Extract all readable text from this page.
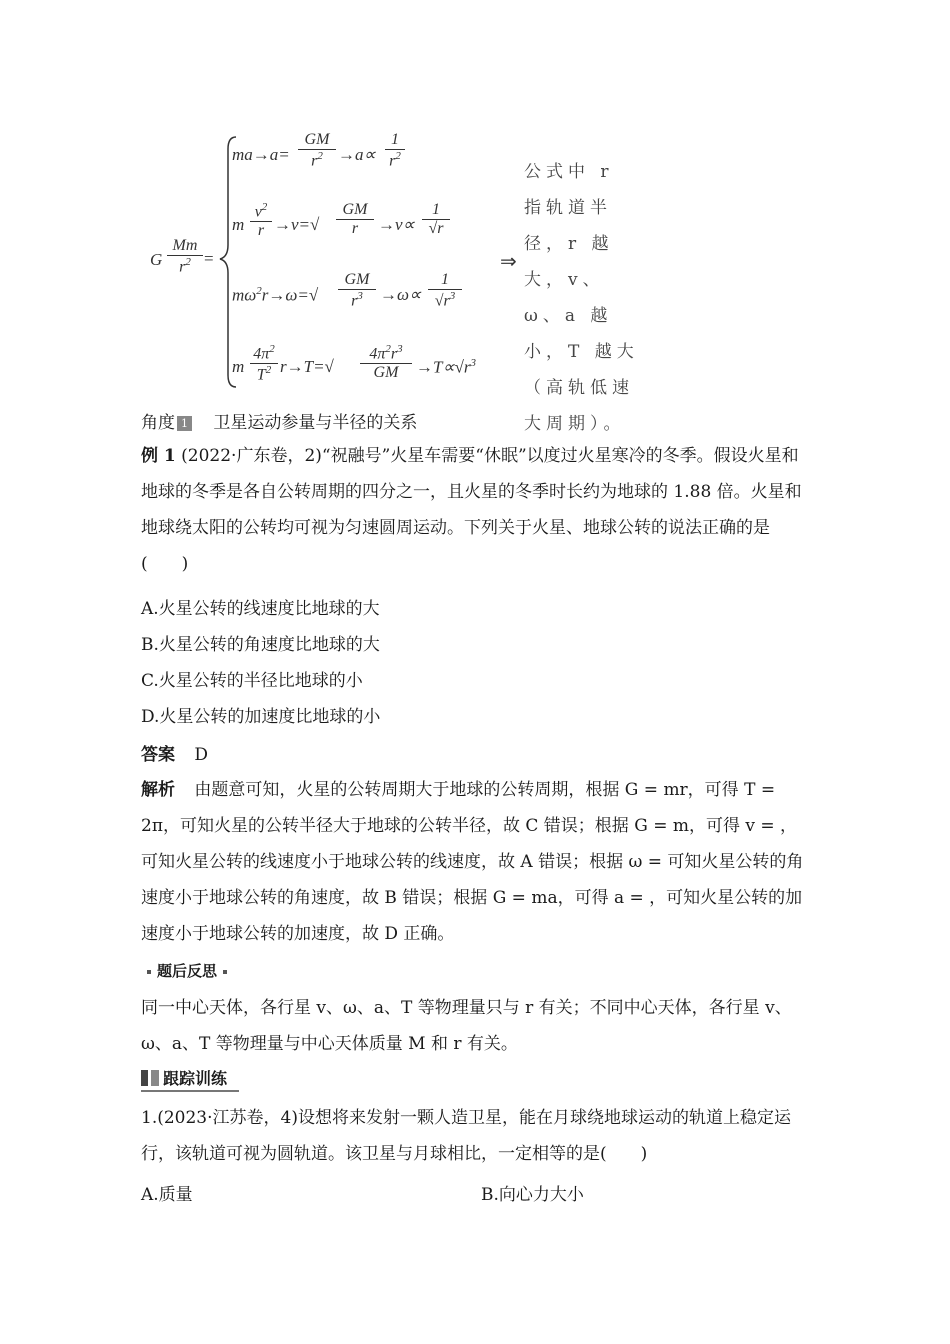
G $\frac{Mm}{r^2}$ =
$ma\to a= \frac{GM}{r^2} \to a\propto \frac{1}{r^2}$
m $\frac{v^2}{r} \to v=√ \frac{GM}{r} \to v\propto \frac{1}{√r}$
$m\omega^2r\to\omega=√ \frac{GM}{r^3} \to\omega\propto \frac{1}{√r^3}$
m $\frac{4\pi^2}{T^2} r\to T=√ \frac{4\pi^2r^3}{GM} \to T\propto√r^3$
⇒
公式中 r 指轨道半径，r 越大，v、ω、a 越小，T 越大（高轨低速大周期）。
角度 1 卫星运动参量与半径的关系
例 1 (2022·广东卷，2)“祝融号”火星车需要“休眠”以度过火星寒冷的冬季。假设火星和地球的冬季是各自公转周期的四分之一，且火星的冬季时长约为地球的 1.88 倍。火星和地球绕太阳的公转均可视为匀速圆周运动。下列关于火星、地球公转的说法正确的是(　　)
A.火星公转的线速度比地球的大
B.火星公转的角速度比地球的大
C.火星公转的半径比地球的小
D.火星公转的加速度比地球的小
答案 D
解析 由题意可知，火星的公转周期大于地球的公转周期，根据 G = mr，可得 T = 2π，可知火星的公转半径大于地球的公转半径，故 C 错误；根据 G = m，可得 v = ，可知火星公转的线速度小于地球公转的线速度，故 A 错误；根据 ω = 可知火星公转的角速度小于地球公转的角速度，故 B 错误；根据 G = ma，可得 a = ，可知火星公转的加速度小于地球公转的加速度，故 D 正确。
题后反思
同一中心天体，各行星 v、ω、a、T 等物理量只与 r 有关；不同中心天体，各行星 v、ω、a、T 等物理量与中心天体质量 M 和 r 有关。
跟踪训练
1.(2023·江苏卷，4)设想将来发射一颗人造卫星，能在月球绕地球运动的轨道上稳定运行，该轨道可视为圆轨道。该卫星与月球相比，一定相等的是(　　)
A.质量	B.向心力大小
